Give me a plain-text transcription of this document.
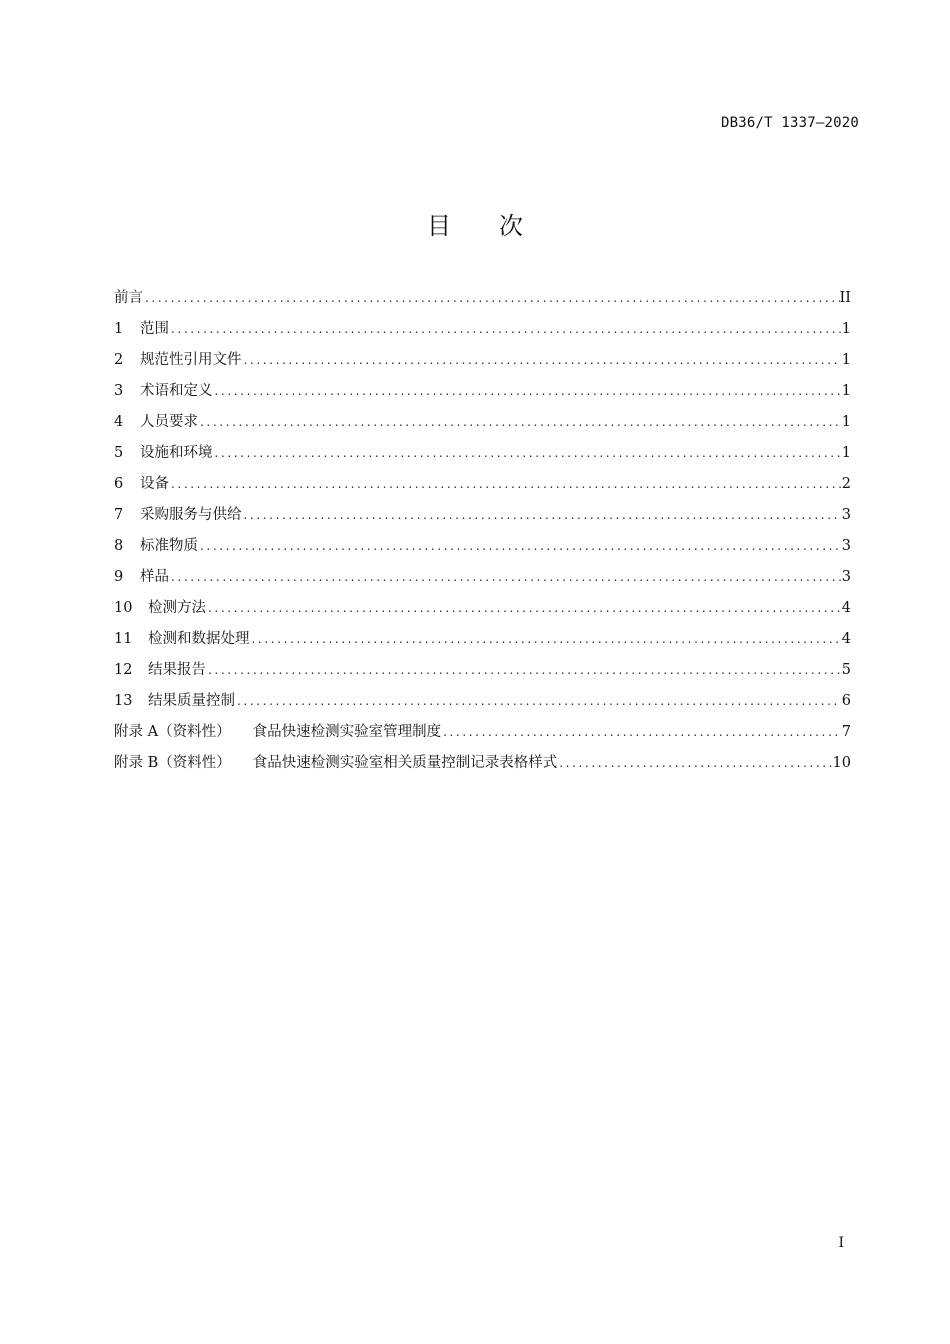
DB36/T 1337—2020
目 次
前言 .....	II
1	范围 .....	1
2	规范性引用文件 .....	1
3	术语和定义 .....	1
4	人员要求 .....	1
5	设施和环境 .....	1
6	设备 .....	2
7	采购服务与供给 .....	3
8	标准物质 .....	3
9	样品 .....	3
10	检测方法 .....	4
11	检测和数据处理 .....	4
12	结果报告 .....	5
13	结果质量控制 .....	6
附录 A（资料性） 食品快速检测实验室管理制度 .....	7
附录 B（资料性） 食品快速检测实验室相关质量控制记录表格样式 .....	10
I
